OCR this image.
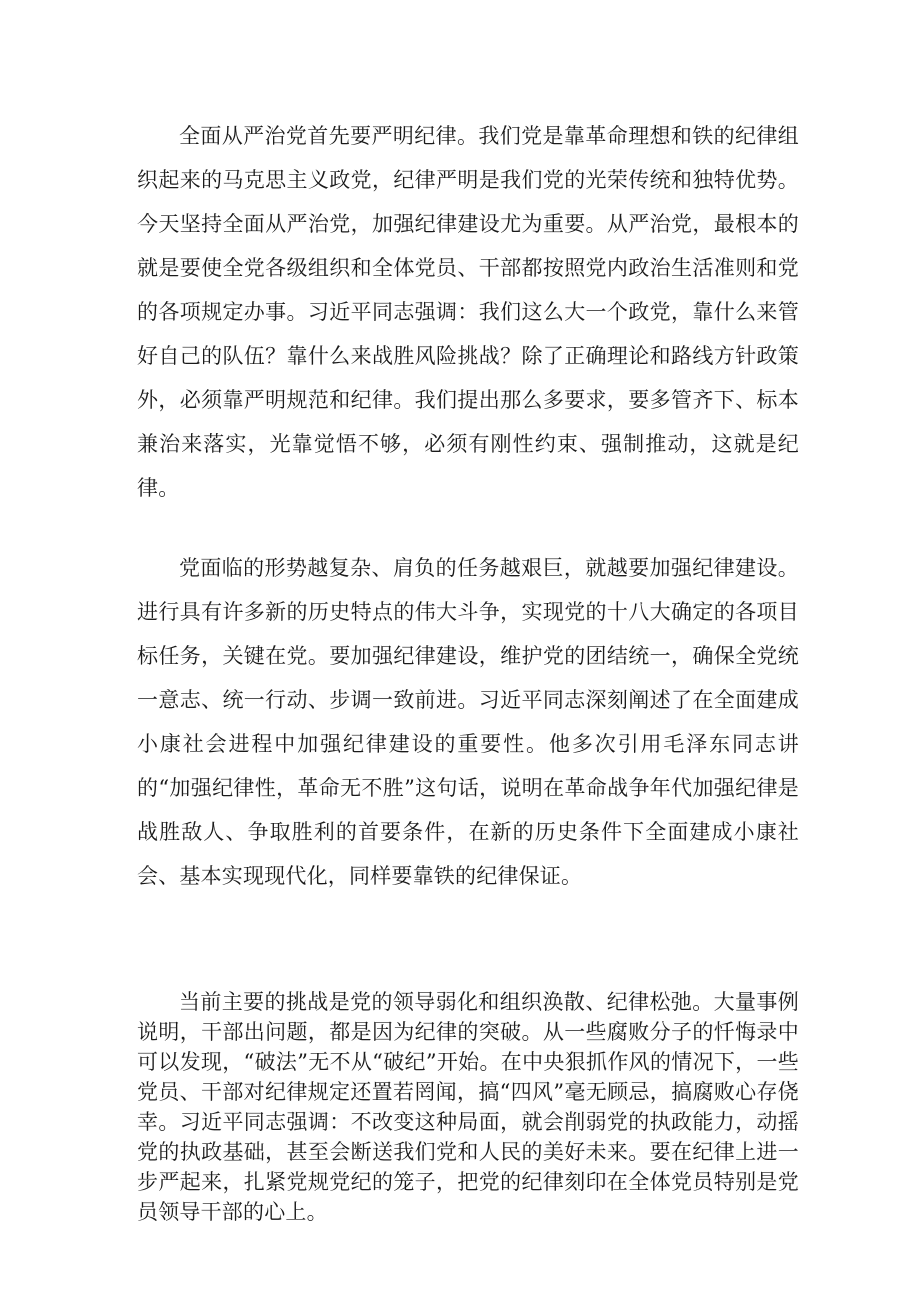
全面从严治党首先要严明纪律。我们党是靠革命理想和铁的纪律组织起来的马克思主义政党，纪律严明是我们党的光荣传统和独特优势。今天坚持全面从严治党，加强纪律建设尤为重要。从严治党，最根本的就是要使全党各级组织和全体党员、干部都按照党内政治生活准则和党的各项规定办事。习近平同志强调：我们这么大一个政党，靠什么来管好自己的队伍？靠什么来战胜风险挑战？除了正确理论和路线方针政策外，必须靠严明规范和纪律。我们提出那么多要求，要多管齐下、标本兼治来落实，光靠觉悟不够，必须有刚性约束、强制推动，这就是纪律。

党面临的形势越复杂、肩负的任务越艰巨，就越要加强纪律建设。进行具有许多新的历史特点的伟大斗争，实现党的十八大确定的各项目标任务，关键在党。要加强纪律建设，维护党的团结统一，确保全党统一意志、统一行动、步调一致前进。习近平同志深刻阐述了在全面建成小康社会进程中加强纪律建设的重要性。他多次引用毛泽东同志讲的“加强纪律性，革命无不胜”这句话，说明在革命战争年代加强纪律是战胜敌人、争取胜利的首要条件，在新的历史条件下全面建成小康社会、基本实现现代化，同样要靠铁的纪律保证。

当前主要的挑战是党的领导弱化和组织涣散、纪律松弛。大量事例说明，干部出问题，都是因为纪律的突破。从一些腐败分子的忏悔录中可以发现，“破法”无不从“破纪”开始。在中央狠抓作风的情况下，一些党员、干部对纪律规定还置若罔闻，搞“四风”毫无顾忌，搞腐败心存侥幸。习近平同志强调：不改变这种局面，就会削弱党的执政能力，动摇党的执政基础，甚至会断送我们党和人民的美好未来。要在纪律上进一步严起来，扎紧党规党纪的笼子，把党的纪律刻印在全体党员特别是党员领导干部的心上。
